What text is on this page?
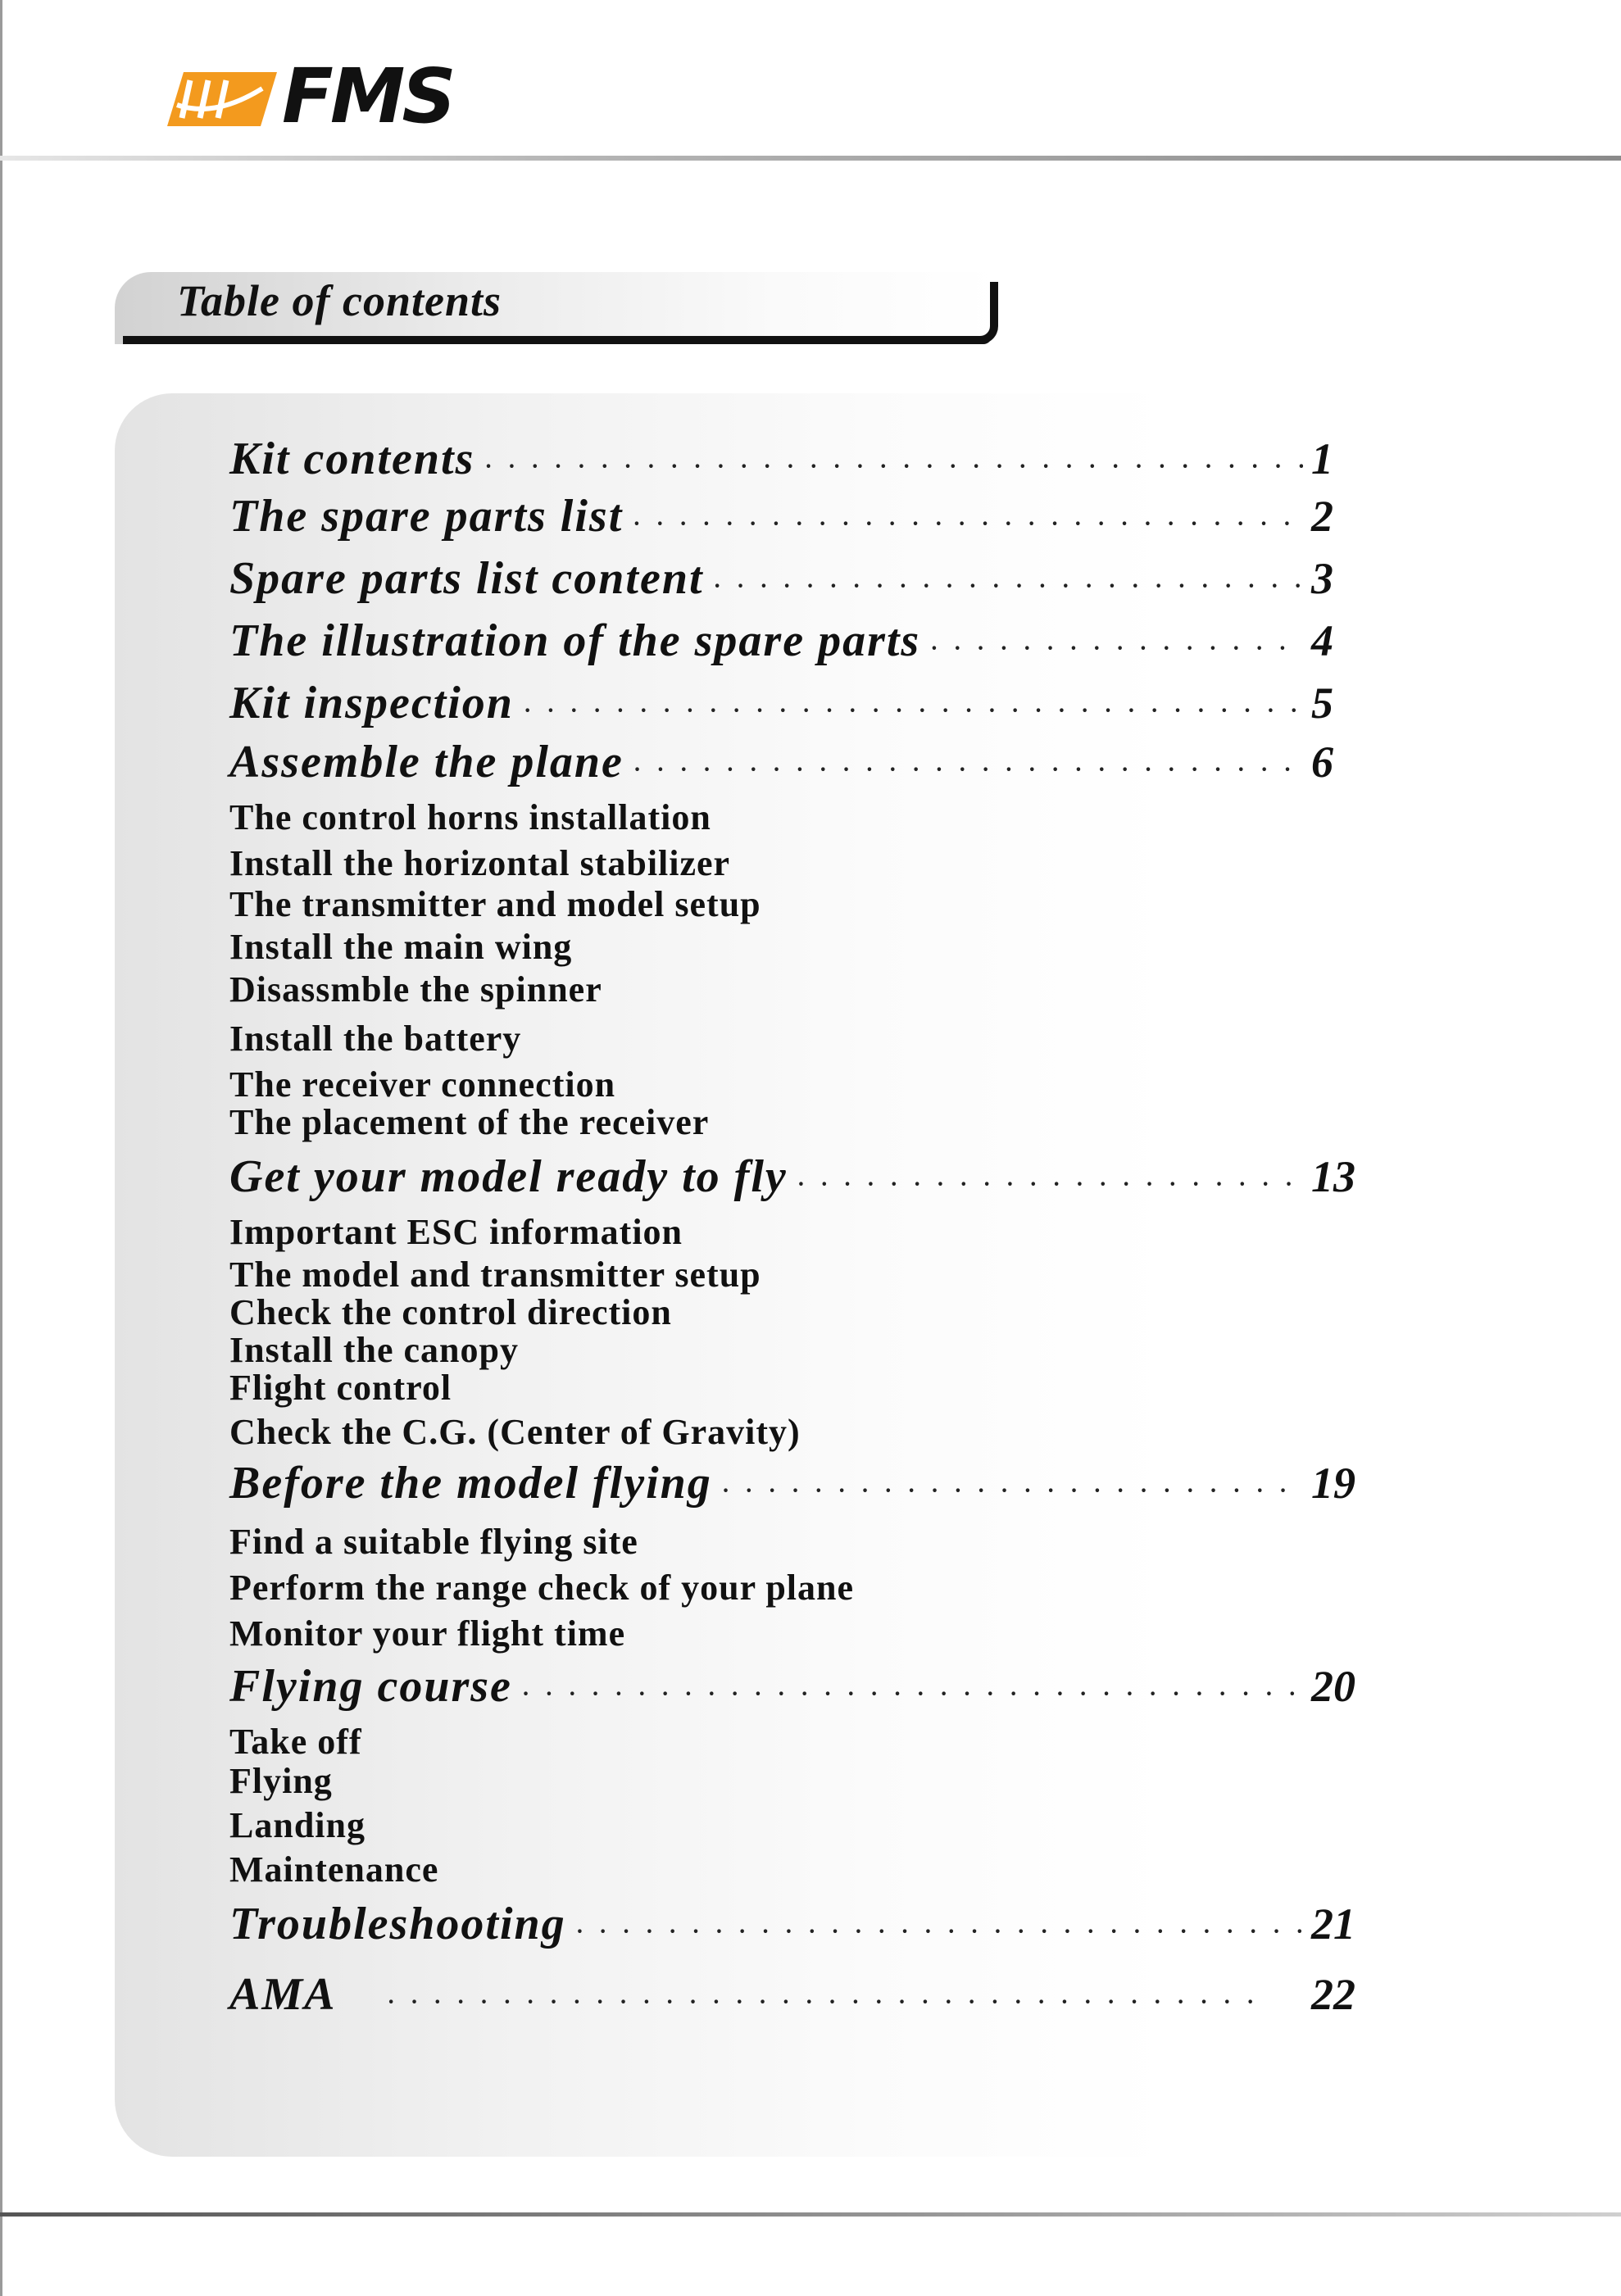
FMS
Table of contents
Kit contents · · ·	1
The spare parts list · · ·	2
Spare parts list content · · ·	3
The illustration of the spare parts · · ·	4
Kit inspection · · ·	5
Assemble the plane · · ·	6
The control horns installation
Install the horizontal stabilizer
The transmitter and model setup
Install the main wing
Disassmble the spinner
Install the battery
The receiver connection
The placement of the receiver
Get your model ready to fly · · ·	13
Important ESC information
The model and transmitter setup
Check the control direction
Install the canopy
Flight control
Check the C.G. (Center of Gravity)
Before the model flying · · ·	19
Find a suitable flying site
Perform the range check of your plane
Monitor your flight time
Flying course · · ·	20
Take off
Flying
Landing
Maintenance
Troubleshooting · · ·	21
AMA · · ·	22
